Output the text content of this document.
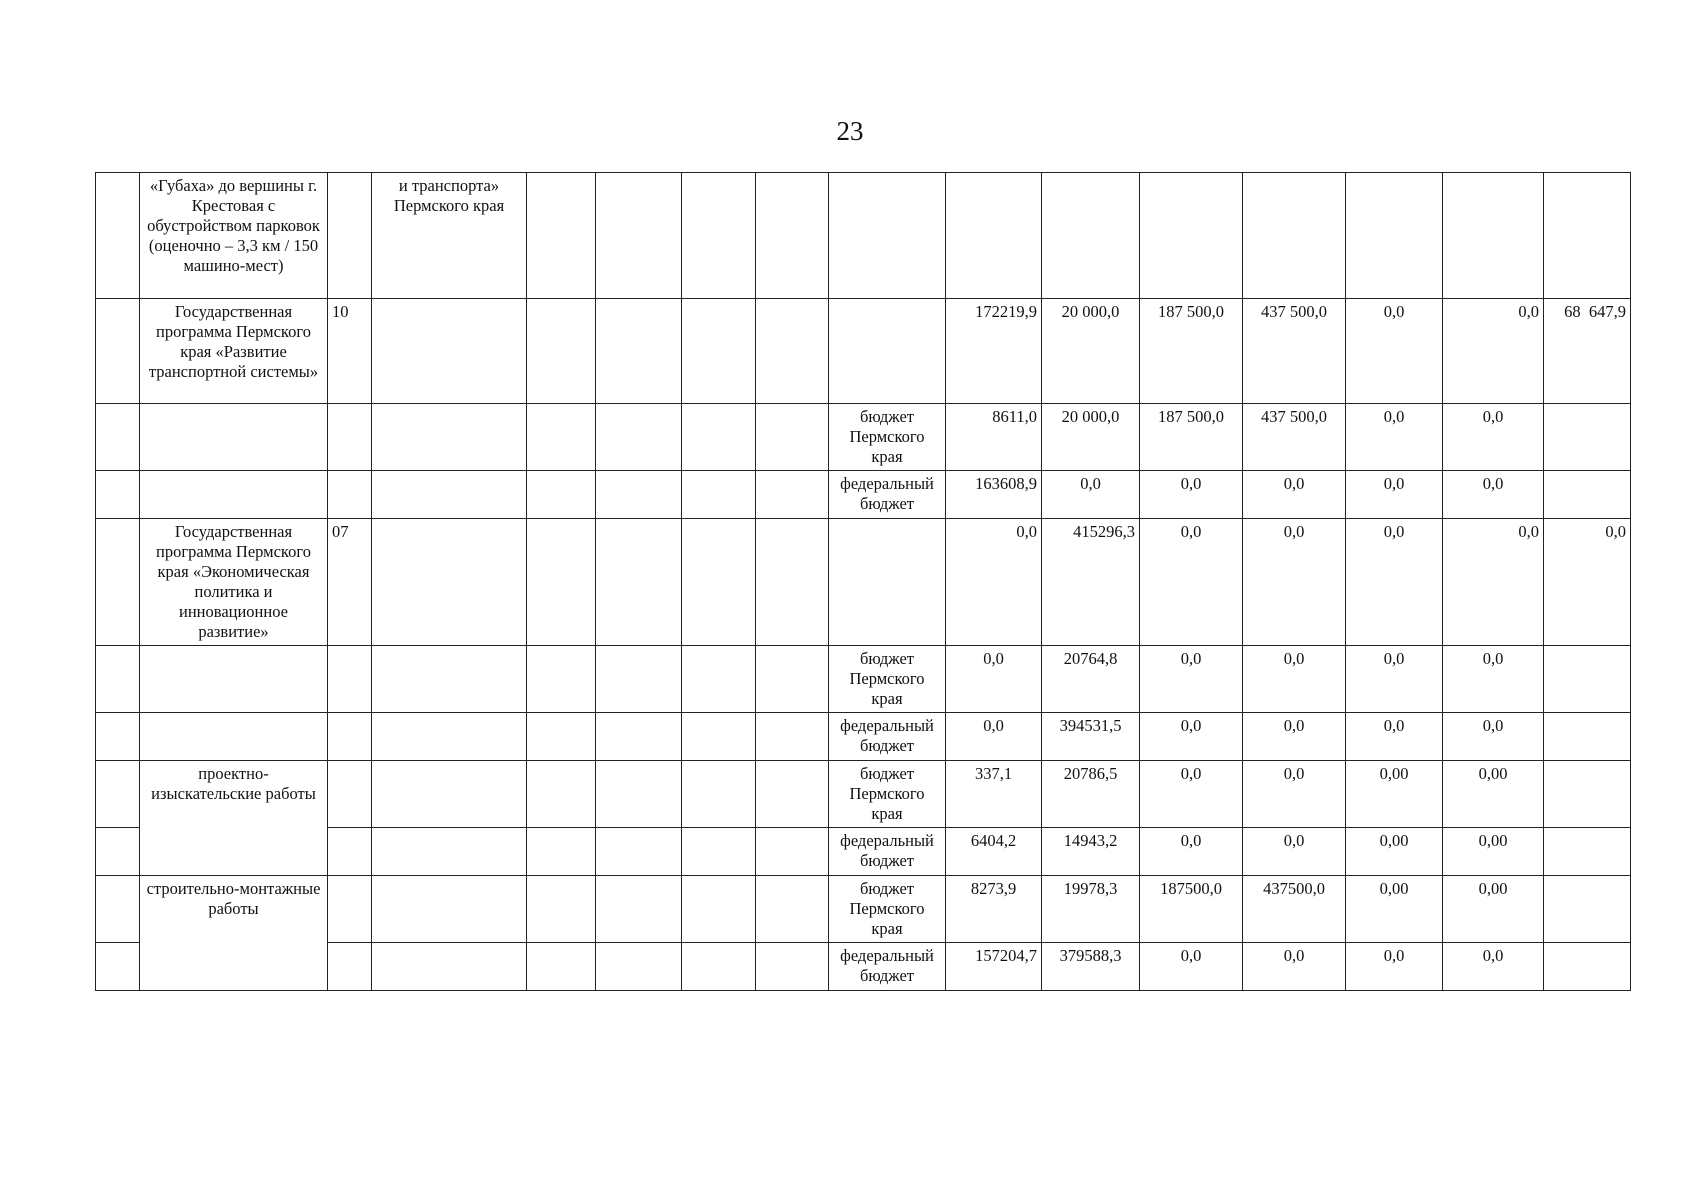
23
	«Губаха» до вершины г. Крестовая с обустройством парковок (оценочно – 3,3 км / 150 машино-мест)		и транспорта» Пермского края												
	Государственная программа Пермского края «Развитие транспортной системы»	10							172219,9	20 000,0	187 500,0	437 500,0	0,0	0,0	68  647,9
								бюджет Пермского края	8611,0	20 000,0	187 500,0	437 500,0	0,0	0,0	
								федеральный бюджет	163608,9	0,0	0,0	0,0	0,0	0,0	
	Государственная программа Пермского края «Экономическая политика и инновационное развитие»	07							0,0	415296,3	0,0	0,0	0,0	0,0	0,0
								бюджет Пермского края	0,0	20764,8	0,0	0,0	0,0	0,0	
								федеральный бюджет	0,0	394531,5	0,0	0,0	0,0	0,0	
	проектно-изыскательские работы							бюджет Пермского края	337,1	20786,5	0,0	0,0	0,00	0,00	
								федеральный бюджет	6404,2	14943,2	0,0	0,0	0,00	0,00	
	строительно-монтажные работы							бюджет Пермского края	8273,9	19978,3	187500,0	437500,0	0,00	0,00	
								федеральный бюджет	157204,7	379588,3	0,0	0,0	0,0	0,0	
